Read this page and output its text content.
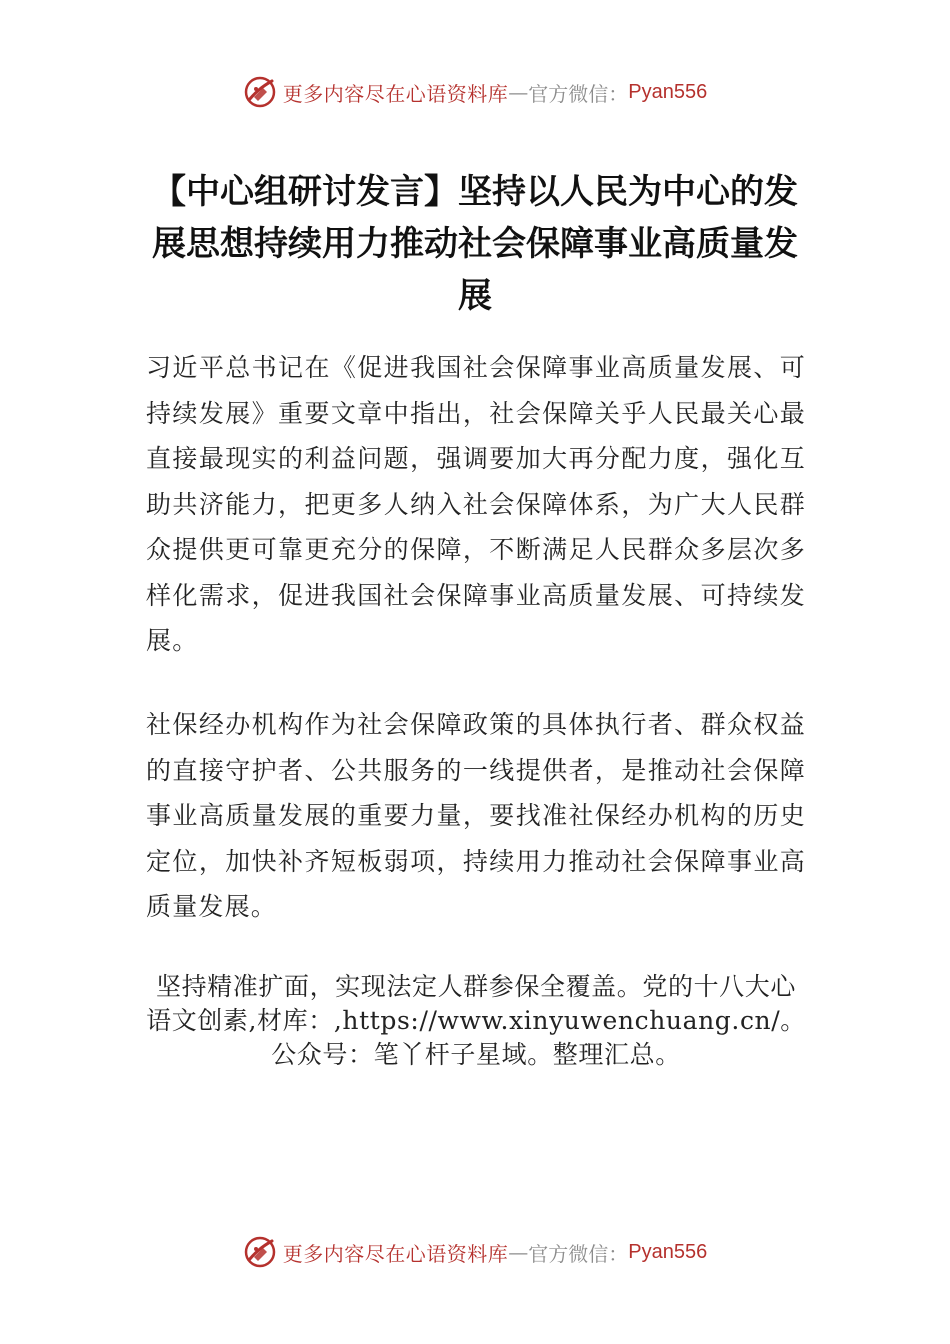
更多内容尽在心语资料库 — 官方微信： Pyan556
【中心组研讨发言】坚持以人民为中心的发展思想持续用力推动社会保障事业高质量发展

习近平总书记在《促进我国社会保障事业高质量发展、可持续发展》重要文章中指出，社会保障关乎人民最关心最直接最现实的利益问题，强调要加大再分配力度，强化互助共济能力，把更多人纳入社会保障体系，为广大人民群众提供更可靠更充分的保障，不断满足人民群众多层次多样化需求，促进我国社会保障事业高质量发展、可持续发展。

社保经办机构作为社会保障政策的具体执行者、群众权益的直接守护者、公共服务的一线提供者，是推动社会保障事业高质量发展的重要力量，要找准社保经办机构的历史定位，加快补齐短板弱项，持续用力推动社会保障事业高质量发展。

坚持精准扩面，实现法定人群参保全覆盖。党的十八大心语文创素,材库：,https://www.xinyuwenchuang.cn/。公众号：笔丫杆子星域。整理汇总。

更多内容尽在心语资料库 — 官方微信： Pyan556
